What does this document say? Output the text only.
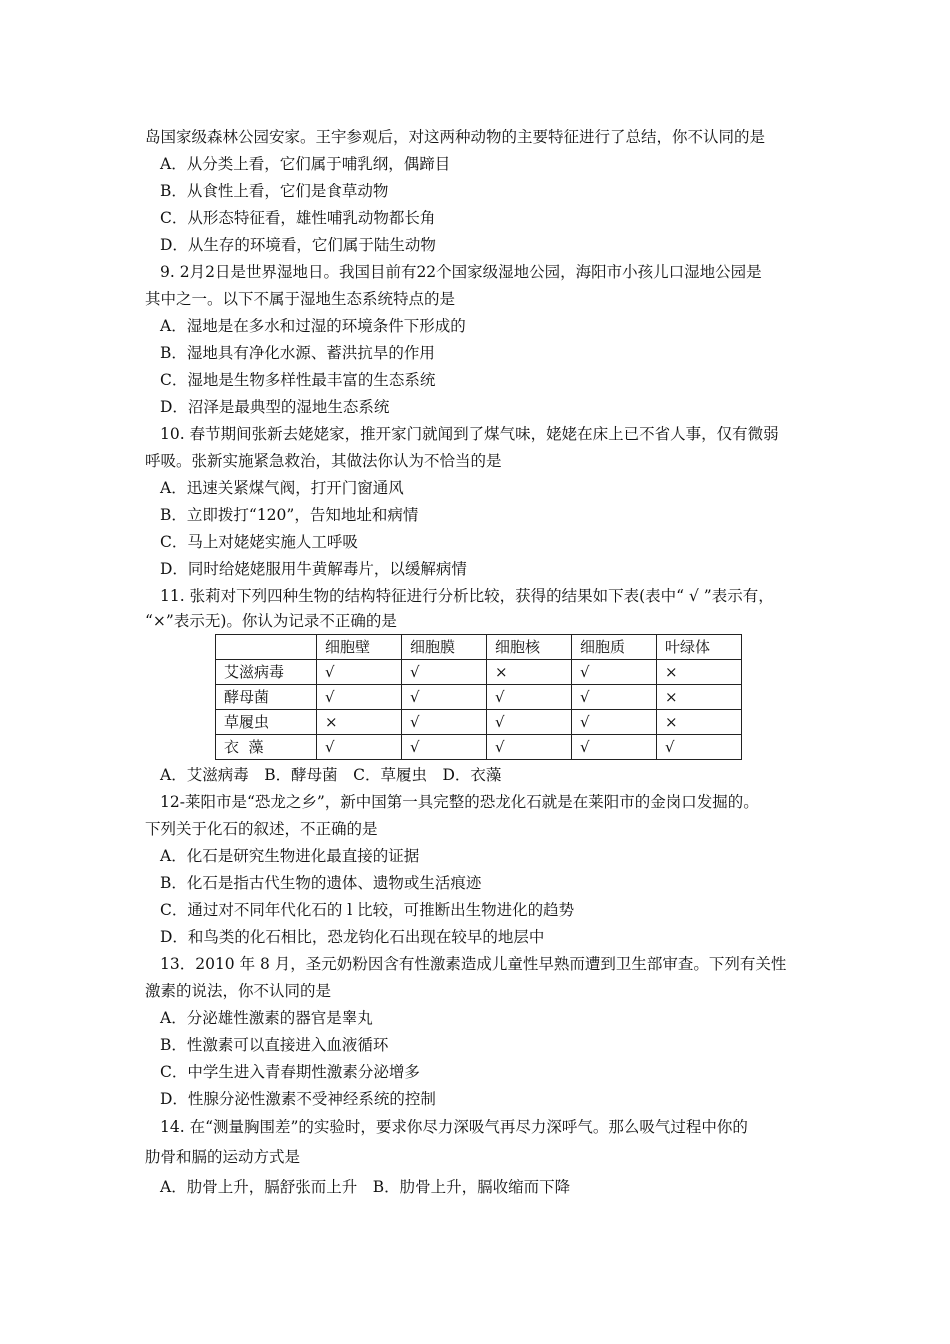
岛国家级森林公园安家。王宇参观后，对这两种动物的主要特征进行了总结，你不认同的是
A．从分类上看，它们属于哺乳纲，偶蹄目
B．从食性上看，它们是食草动物
C．从形态特征看，雄性哺乳动物都长角
D．从生存的环境看，它们属于陆生动物
9. 2月2日是世界湿地日。我国目前有22个国家级湿地公园，海阳市小孩儿口湿地公园是
其中之一。以下不属于湿地生态系统特点的是
A．湿地是在多水和过湿的环境条件下形成的
B．湿地具有净化水源、蓄洪抗旱的作用
C．湿地是生物多样性最丰富的生态系统
D．沼泽是最典型的湿地生态系统
10. 春节期间张新去姥姥家，推开家门就闻到了煤气味，姥姥在床上已不省人事，仅有微弱
呼吸。张新实施紧急救治，其做法你认为不恰当的是
A．迅速关紧煤气阀，打开门窗通风
B．立即拨打“120”，告知地址和病情
C．马上对姥姥实施人工呼吸
D．同时给姥姥服用牛黄解毒片，以缓解病情
11. 张莉对下列四种生物的结构特征进行分析比较，获得的结果如下表(表中“ √ ”表示有，
“×”表示无)。你认为记录不正确的是
	细胞壁	细胞膜	细胞核	细胞质	叶绿体
艾滋病毒	√	√	×	√	×
酵母菌	√	√	√	√	×
草履虫	×	√	√	√	×
衣  藻	√	√	√	√	√
A．艾滋病毒　B．酵母菌　C．草履虫　D．衣藻
12-莱阳市是“恐龙之乡”，新中国第一具完整的恐龙化石就是在莱阳市的金岗口发掘的。
下列关于化石的叙述，不正确的是
A．化石是研究生物进化最直接的证据
B．化石是指古代生物的遗体、遗物或生活痕迹
C．通过对不同年代化石的 l 比较，可推断出生物进化的趋势
D．和鸟类的化石相比，恐龙钧化石出现在较早的地层中
13．2010 年 8 月，圣元奶粉因含有性激素造成儿童性早熟而遭到卫生部审查。下列有关性
激素的说法，你不认同的是
A．分泌雄性激素的器官是睾丸
B．性激素可以直接进入血液循环
C．中学生进入青春期性激素分泌增多
D．性腺分泌性激素不受神经系统的控制
14. 在“测量胸围差”的实验时，要求你尽力深吸气再尽力深呼气。那么吸气过程中你的
肋骨和膈的运动方式是
A．肋骨上升，膈舒张而上升　B．肋骨上升，膈收缩而下降
